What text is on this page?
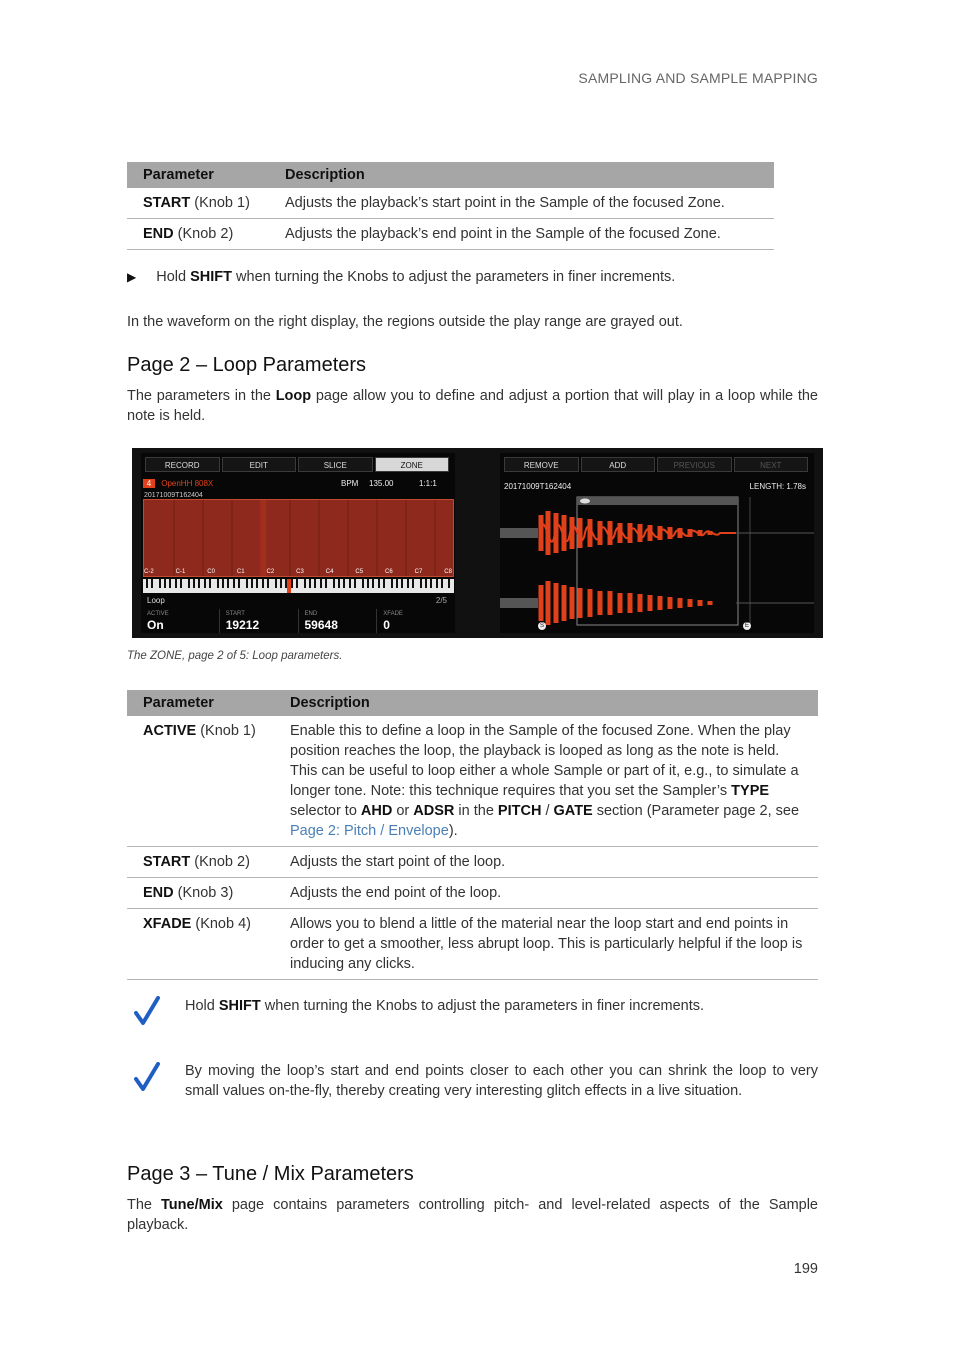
SAMPLING AND SAMPLE MAPPING
Parameter	Description
START (Knob 1)	Adjusts the playback’s start point in the Sample of the focused Zone.
END (Knob 2)	Adjusts the playback’s end point in the Sample of the focused Zone.
▶ Hold SHIFT when turning the Knobs to adjust the parameters in finer increments.
In the waveform on the right display, the regions outside the play range are grayed out.
Page 2 – Loop Parameters
The parameters in the Loop page allow you to define and adjust a portion that will play in a loop while the note is held.
RECORD	EDIT	SLICE	ZONE
4 OpenHH 808X	BPM 135.00	1:1:1
20171009T162404
C-2	C-1	C0	C1	C2	C3	C4	C5	C6	C7	C8
Loop	2/5
ACTIVE
On
START
19212
END
59648
XFADE
0
REMOVE	ADD	PREVIOUS	NEXT
20171009T162404	LENGTH: 1.78s
S	E
The ZONE, page 2 of 5: Loop parameters.
Parameter	Description
ACTIVE (Knob 1)	Enable this to define a loop in the Sample of the focused Zone. When the play position reaches the loop, the playback is looped as long as the note is held. This can be useful to loop either a whole Sample or part of it, e.g., to simulate a longer tone. Note: this technique requires that you set the Sampler’s TYPE selector to AHD or ADSR in the PITCH / GATE section (Parameter page 2, see Page 2: Pitch / Envelope).
START (Knob 2)	Adjusts the start point of the loop.
END (Knob 3)	Adjusts the end point of the loop.
XFADE (Knob 4)	Allows you to blend a little of the material near the loop start and end points in order to get a smoother, less abrupt loop. This is particularly helpful if the loop is inducing any clicks.
Hold SHIFT when turning the Knobs to adjust the parameters in finer increments.
By moving the loop’s start and end points closer to each other you can shrink the loop to very small values on-the-fly, thereby creating very interesting glitch effects in a live situation.
Page 3 – Tune / Mix Parameters
The Tune/Mix page contains parameters controlling pitch- and level-related aspects of the Sample playback.
199
